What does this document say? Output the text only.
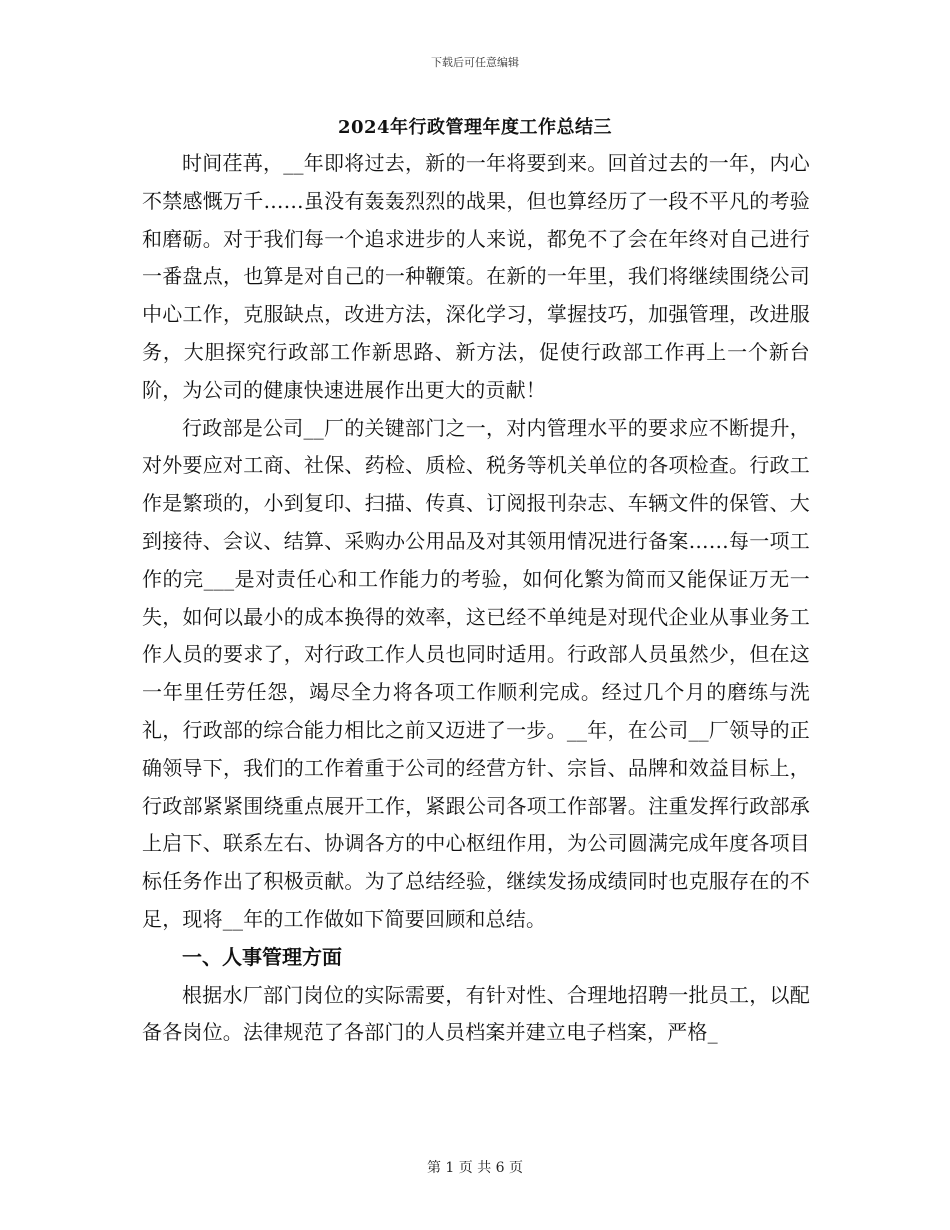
下载后可任意编辑
2024年行政管理年度工作总结三

时间荏苒，__年即将过去，新的一年将要到来。回首过去的一年，内心不禁感慨万千……虽没有轰轰烈烈的战果，但也算经历了一段不平凡的考验和磨砺。对于我们每一个追求进步的人来说，都免不了会在年终对自己进行一番盘点，也算是对自己的一种鞭策。在新的一年里，我们将继续围绕公司中心工作，克服缺点，改进方法，深化学习，掌握技巧，加强管理，改进服务，大胆探究行政部工作新思路、新方法，促使行政部工作再上一个新台阶，为公司的健康快速进展作出更大的贡献！

行政部是公司__厂的关键部门之一，对内管理水平的要求应不断提升，对外要应对工商、社保、药检、质检、税务等机关单位的各项检查。行政工作是繁琐的，小到复印、扫描、传真、订阅报刊杂志、车辆文件的保管、大到接待、会议、结算、采购办公用品及对其领用情况进行备案……每一项工作的完___是对责任心和工作能力的考验，如何化繁为简而又能保证万无一失，如何以最小的成本换得的效率，这已经不单纯是对现代企业从事业务工作人员的要求了，对行政工作人员也同时适用。行政部人员虽然少，但在这一年里任劳任怨，竭尽全力将各项工作顺利完成。经过几个月的磨练与洗礼，行政部的综合能力相比之前又迈进了一步。__年，在公司__厂领导的正确领导下，我们的工作着重于公司的经营方针、宗旨、品牌和效益目标上，行政部紧紧围绕重点展开工作，紧跟公司各项工作部署。注重发挥行政部承上启下、联系左右、协调各方的中心枢纽作用，为公司圆满完成年度各项目标任务作出了积极贡献。为了总结经验，继续发扬成绩同时也克服存在的不足，现将__年的工作做如下简要回顾和总结。

一、人事管理方面

根据水厂部门岗位的实际需要，有针对性、合理地招聘一批员工，以配备各岗位。法律规范了各部门的人员档案并建立电子档案，严格_

第 1 页 共 6 页
